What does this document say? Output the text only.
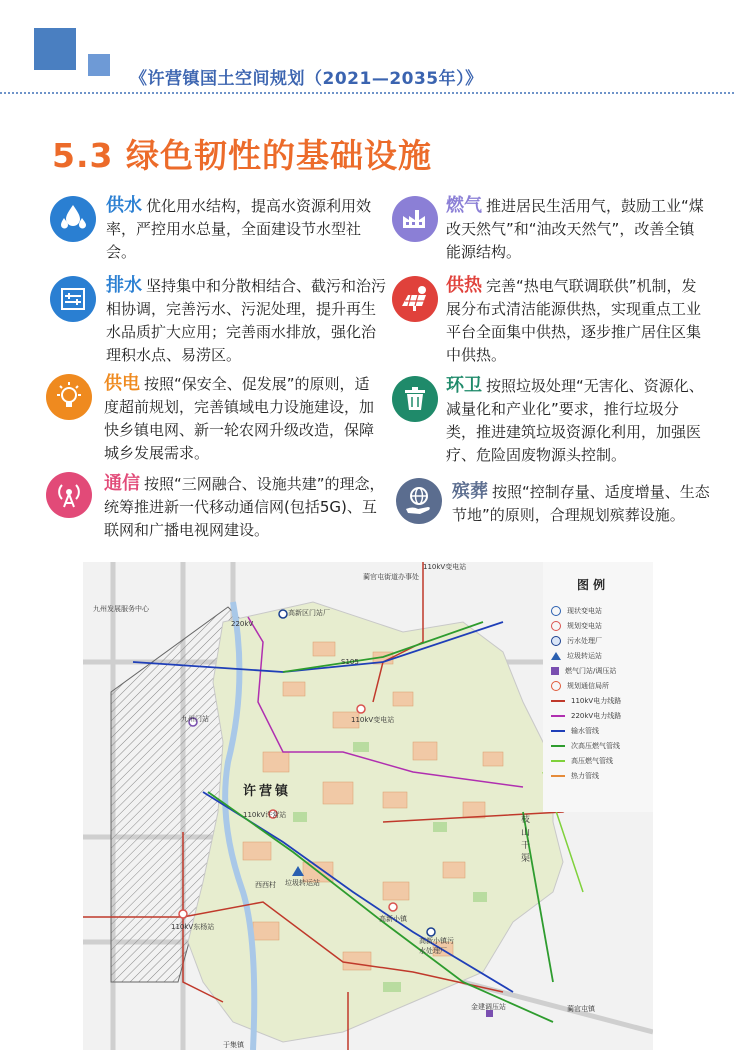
《许营镇国土空间规划（2021—2035年）》
5.3 绿色韧性的基础设施
供水 优化用水结构，提高水资源利用效率，严控用水总量，全面建设节水型社会。
燃气 推进居民生活用气，鼓励工业“煤改天然气”和“油改天然气”，改善全镇能源结构。
排水 坚持集中和分散相结合、截污和治污相协调，完善污水、污泥处理，提升再生水品质扩大应用；完善雨水排放，强化治理积水点、易涝区。
供热 完善“热电气联调联供”机制，发展分布式清洁能源供热，实现重点工业平台全面集中供热，逐步推广居住区集中供热。
供电 按照“保安全、促发展”的原则，适度超前规划，完善镇域电力设施建设，加快乡镇电网、新一轮农网升级改造，保障城乡发展需求。
环卫 按照垃圾处理“无害化、资源化、减量化和产业化”要求，推行垃圾分类，推进建筑垃圾资源化利用，加强医疗、危险固废物源头控制。
通信 按照“三网融合、设施共建”的理念，统筹推进新一代移动通信网(包括5G)、互联网和广播电视网建设。
殡葬 按照“控制存量、适度增量、生态节地”的原则，合理规划殡葬设施。
九州发展服务中心
蔺官屯街道办事处
110kV变电站
高新区门站厂
220kV
S105
九州门站	110kV变电站
许营镇
110kV许营站
垃圾转运站
高新小镇
高新小镇污水处理厂
金建调压站	蔺官屯镇
于集镇
西西村
110kV东杨站
枝山干渠
图 例
现状变电站
规划变电站
污水处理厂
垃圾转运站
燃气门站/调压站
规划通信局所
110kV电力线路
220kV电力线路
输水管线
次高压燃气管线
高压燃气管线
热力管线
